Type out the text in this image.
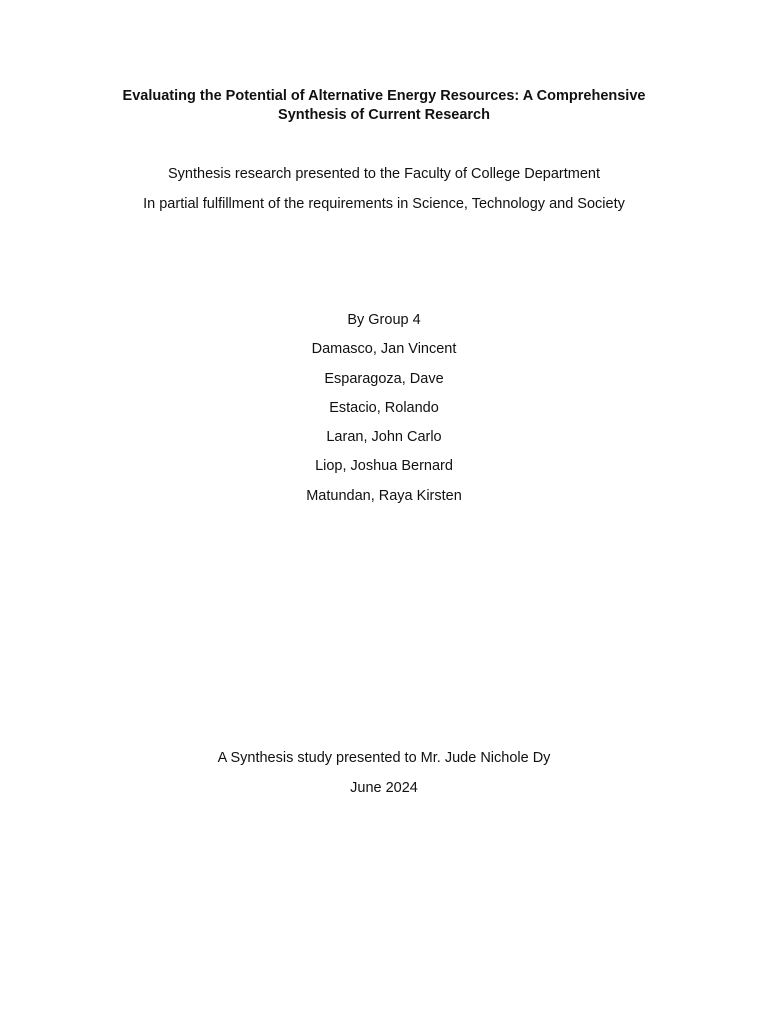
Evaluating the Potential of Alternative Energy Resources: A Comprehensive
Synthesis of Current Research
Synthesis research presented to the Faculty of College Department
In partial fulfillment of the requirements in Science, Technology and Society
By Group 4
Damasco, Jan Vincent
Esparagoza, Dave
Estacio, Rolando
Laran, John Carlo
Liop, Joshua Bernard
Matundan, Raya Kirsten
A Synthesis study presented to Mr. Jude Nichole Dy
June 2024
